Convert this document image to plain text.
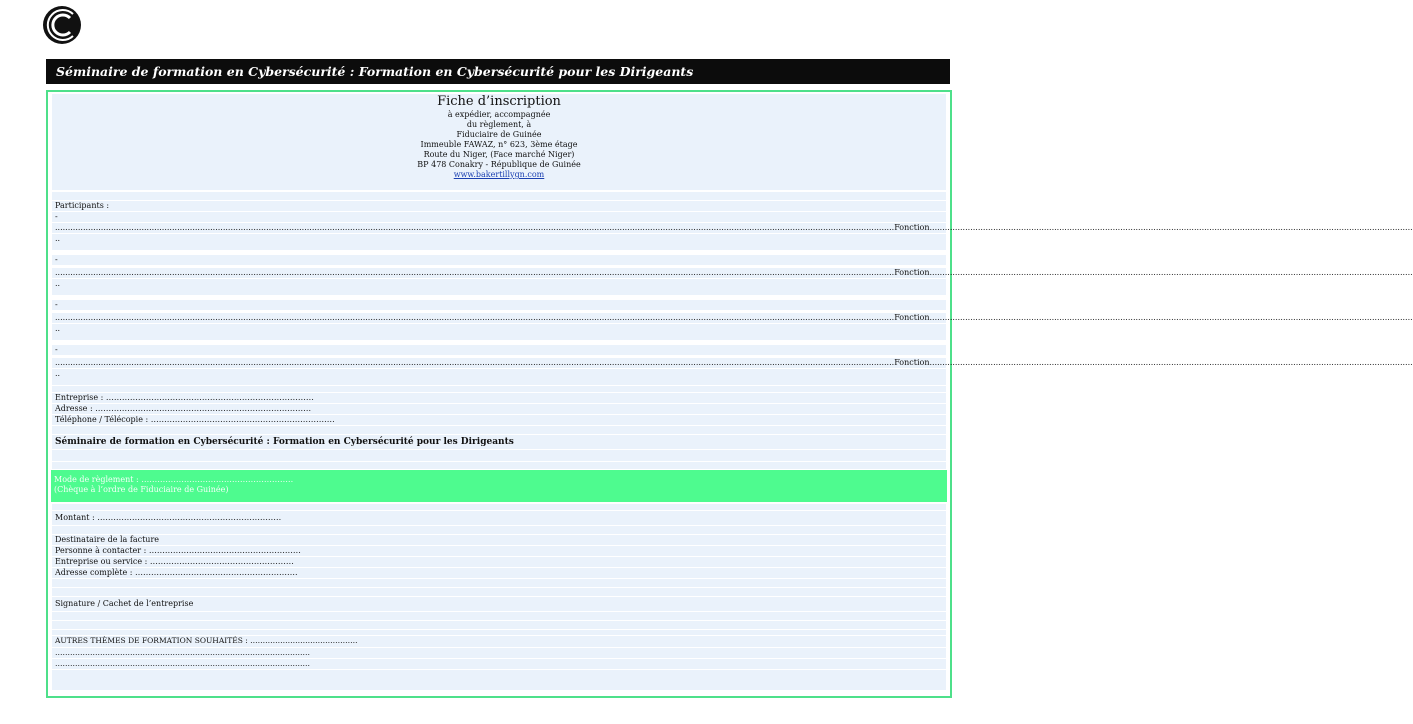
Séminaire de formation en Cybersécurité : Formation en Cybersécurité pour les Dirigeants
Fiche d’inscription
à expédier, accompagnée
du règlement, à
Fiduciaire de Guinée
Immeuble FAWAZ, n° 623, 3ème étage
Route du Niger, (Face marché Niger)
BP 478 Conakry - République de Guinée
www.bakertillygn.com
Participants :
-
.......................................................................................................................................................................................................................................................................................................................................... Fonction ..............................................................................................................................................................................................
..
-
.......................................................................................................................................................................................................................................................................................................................................... Fonction ..............................................................................................................................................................................................
..
-
.......................................................................................................................................................................................................................................................................................................................................... Fonction ..............................................................................................................................................................................................
..
-
.......................................................................................................................................................................................................................................................................................................................................... Fonction ..............................................................................................................................................................................................
..
Entreprise : ……………………………………………………………………
Adresse : ………………………………………………………………………
Téléphone / Télécopie : ……………………………………………………………
Séminaire de formation en Cybersécurité : Formation en Cybersécurité pour les Dirigeants
Mode de règlement : …………………………………………………
(Chèque à l’ordre de Fiduciaire de Guinée)
Montant : ……………………………………………………………
Destinataire de la facture
Personne à contacter : …………………………………………………
Entreprise ou service : ………………………………………………
Adresse complète : …………………………………………………….
Signature / Cachet de l’entreprise
AUTRES THÈMES DE FORMATION SOUHAITÉS : …………………………………….
…………………………………………………………………………………………
…………………………………………………………………………………………
